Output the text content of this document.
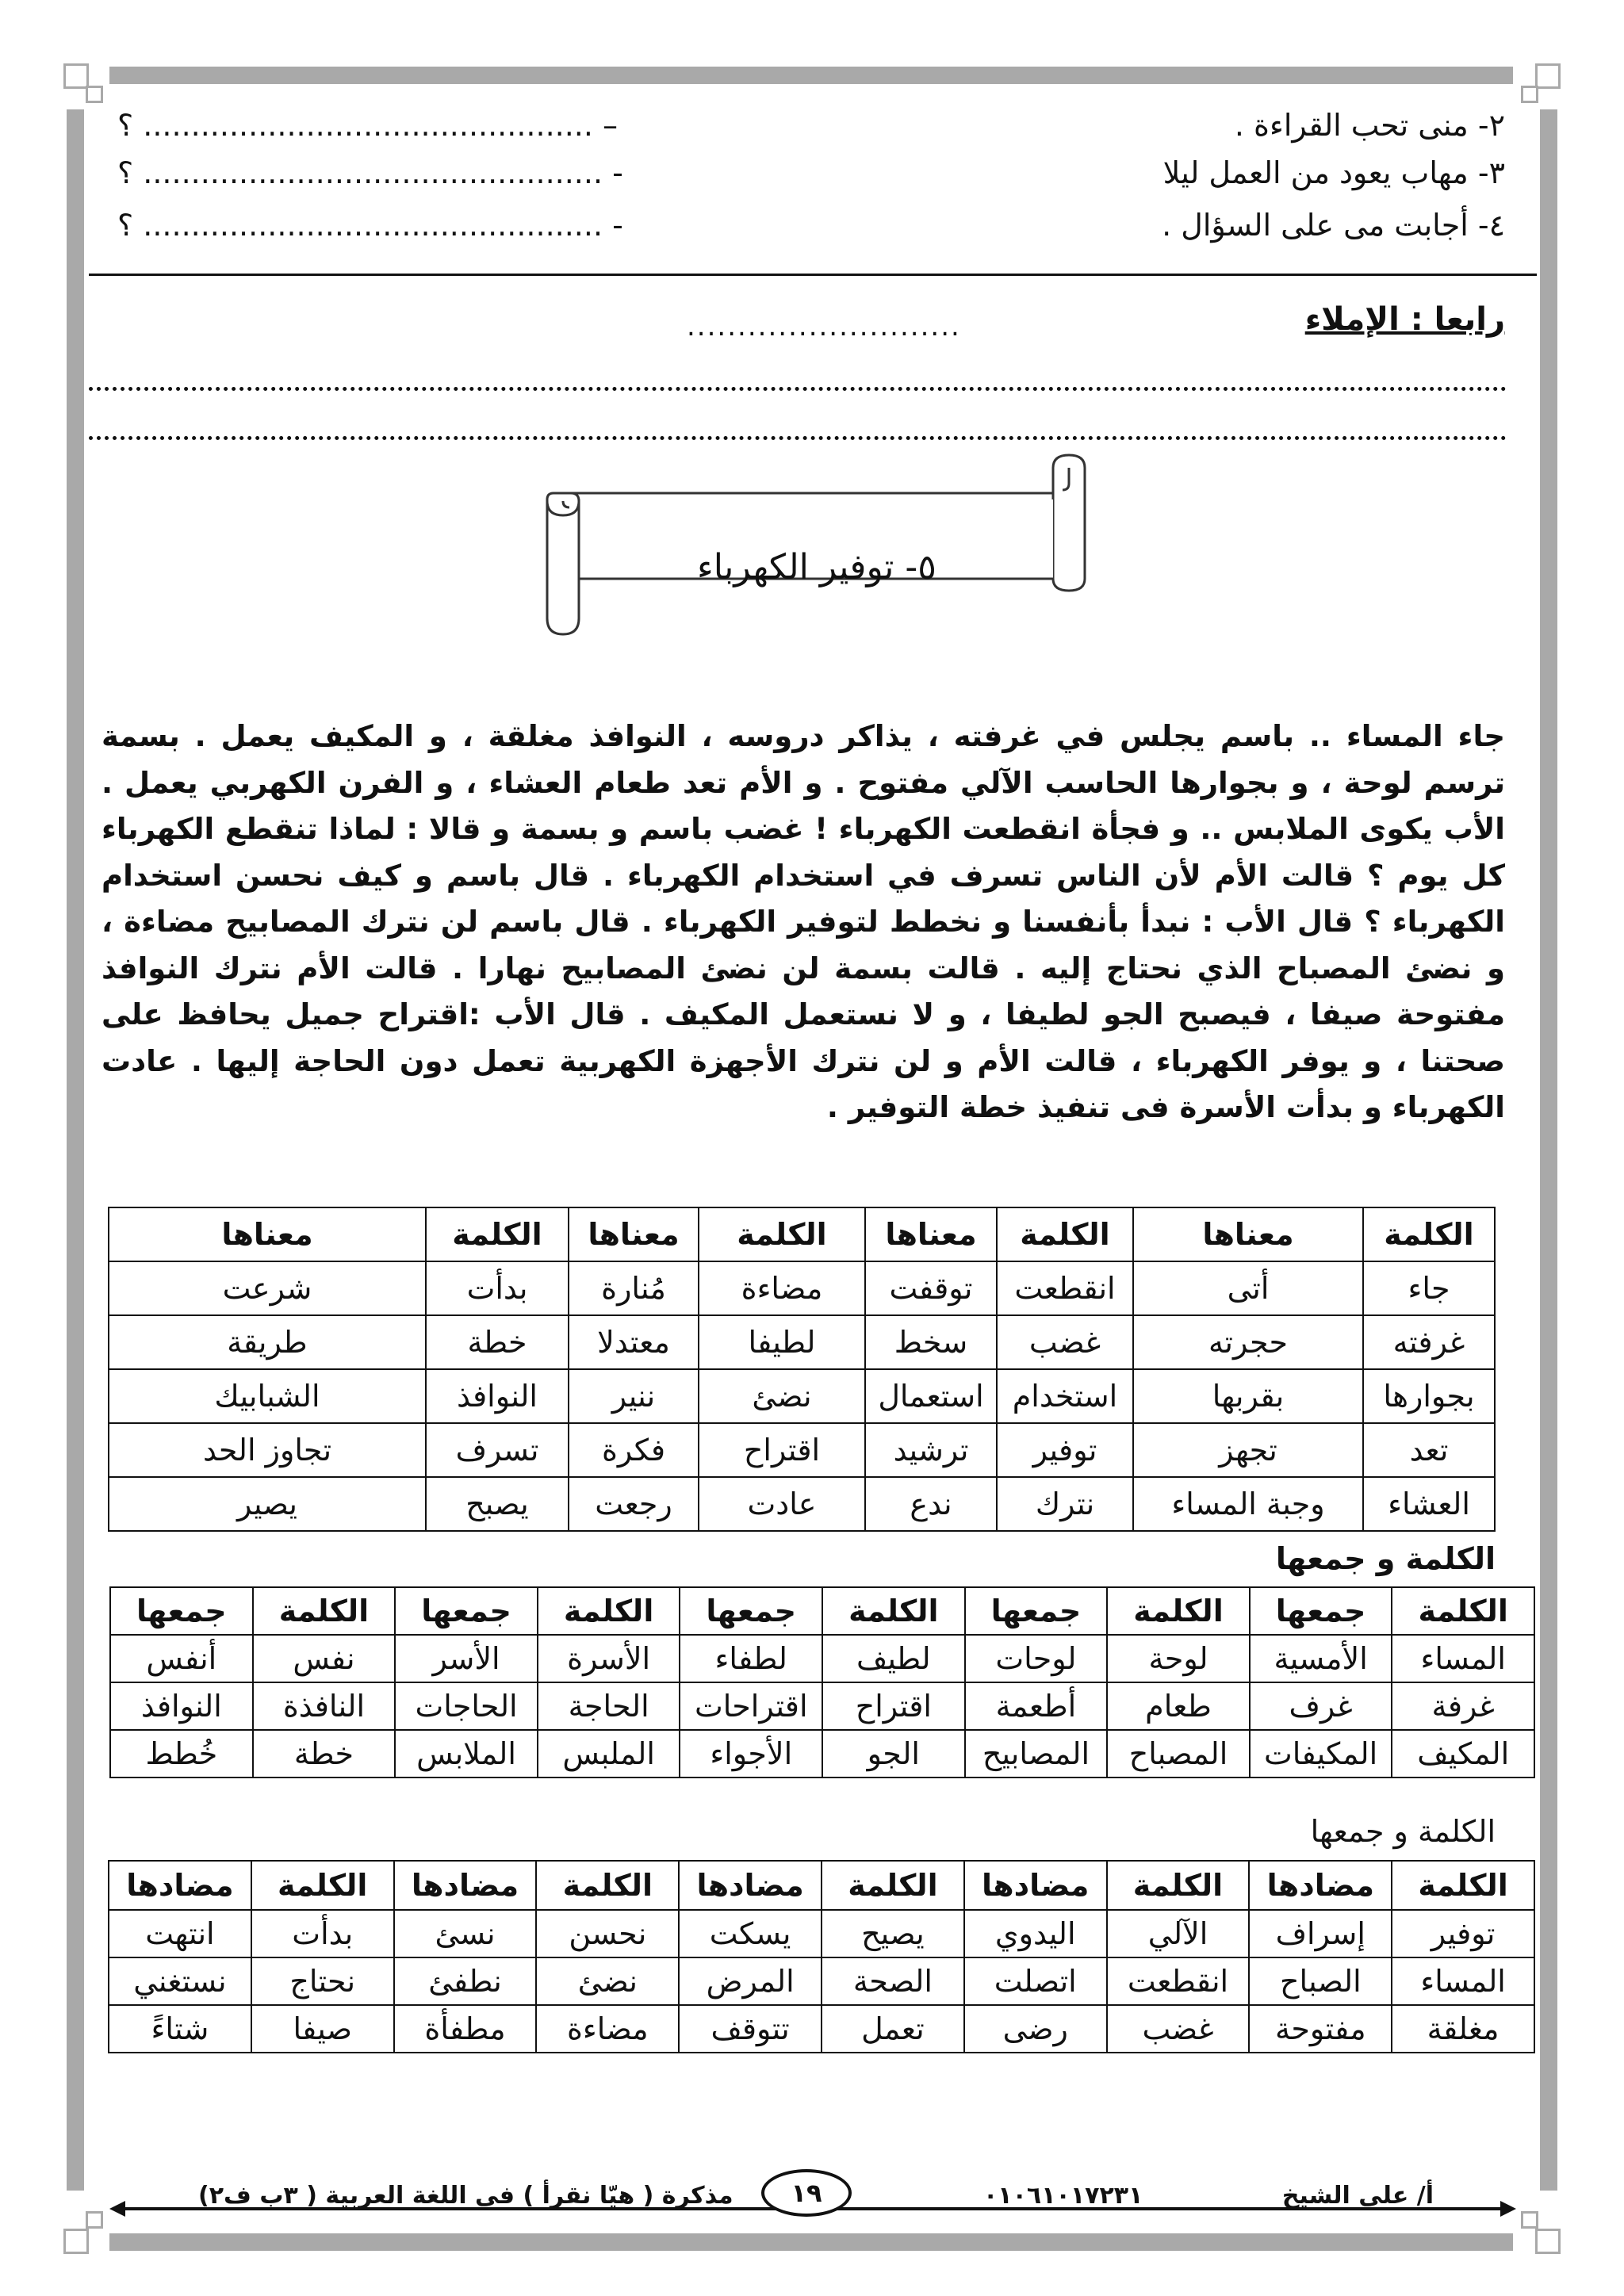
٢- منى تحب القراءة .
؟ ............................................... –
٣- مهاب يعود من العمل ليلا
؟ ................................................ -
٤- أجابت مى على السؤال .
؟ ................................................ -
رابعا : الإملاء
...........................
٥- توفير الكهرباء
جاء المساء .. باسم يجلس في غرفته ، يذاكر دروسه ، النوافذ مغلقة ، و المكيف يعمل . بسمة ترسم لوحة ، و بجوارها الحاسب الآلي مفتوح . و الأم تعد طعام العشاء ، و الفرن الكهربي يعمل . الأب يكوى الملابس .. و فجأة انقطعت الكهرباء ! غضب باسم و بسمة و قالا : لماذا تنقطع الكهرباء كل يوم ؟ قالت الأم لأن الناس تسرف في استخدام الكهرباء . قال باسم و كيف نحسن استخدام الكهرباء ؟ قال الأب : نبدأ بأنفسنا و نخطط لتوفير الكهرباء . قال باسم لن نترك المصابيح مضاءة ، و نضئ المصباح الذي نحتاج إليه . قالت بسمة لن نضئ المصابيح نهارا . قالت الأم نترك النوافذ مفتوحة صيفا ، فيصبح الجو لطيفا ، و لا نستعمل المكيف . قال الأب :اقتراح جميل يحافظ على صحتنا ، و يوفر الكهرباء ، قالت الأم و لن نترك الأجهزة الكهربية تعمل دون الحاجة إليها . عادت الكهرباء و بدأت الأسرة فى تنفيذ خطة التوفير .
الكلمة	معناها	الكلمة	معناها	الكلمة	معناها	الكلمة	معناها
جاء	أتى	انقطعت	توقفت	مضاءة	مُنارة	بدأت	شرعت
غرفته	حجرته	غضب	سخط	لطيفا	معتدلا	خطة	طريقة
بجوارها	بقربها	استخدام	استعمال	نضئ	ننير	النوافذ	الشبابيك
تعد	تجهز	توفير	ترشيد	اقتراح	فكرة	تسرف	تجاوز الحد
العشاء	وجبة المساء	نترك	ندع	عادت	رجعت	يصبح	يصير
الكلمة و جمعها
الكلمة	جمعها	الكلمة	جمعها	الكلمة	جمعها	الكلمة	جمعها	الكلمة	جمعها
المساء	الأمسية	لوحة	لوحات	لطيف	لطفاء	الأسرة	الأسر	نفس	أنفس
غرفة	غرف	طعام	أطعمة	اقتراح	اقتراحات	الحاجة	الحاجات	النافذة	النوافذ
المكيف	المكيفات	المصباح	المصابيح	الجو	الأجواء	الملبس	الملابس	خطة	خُطط
الكلمة و جمعها
الكلمة	مضادها	الكلمة	مضادها	الكلمة	مضادها	الكلمة	مضادها	الكلمة	مضادها
توفير	إسراف	الآلي	اليدوي	يصيح	يسكت	نحسن	نسئ	بدأت	انتهت
المساء	الصباح	انقطعت	اتصلت	الصحة	المرض	نضئ	نطفئ	نحتاج	نستغني
مغلقة	مفتوحة	غضب	رضى	تعمل	تتوقف	مضاءة	مطفأة	صيفا	شتاءً
أ/ على الشيخ
٠١٠٦١٠١٧٢٣١
١٩
مذكرة ( هيّا نقرأ ) في اللغة العربية ( ٣ب ف٢)
